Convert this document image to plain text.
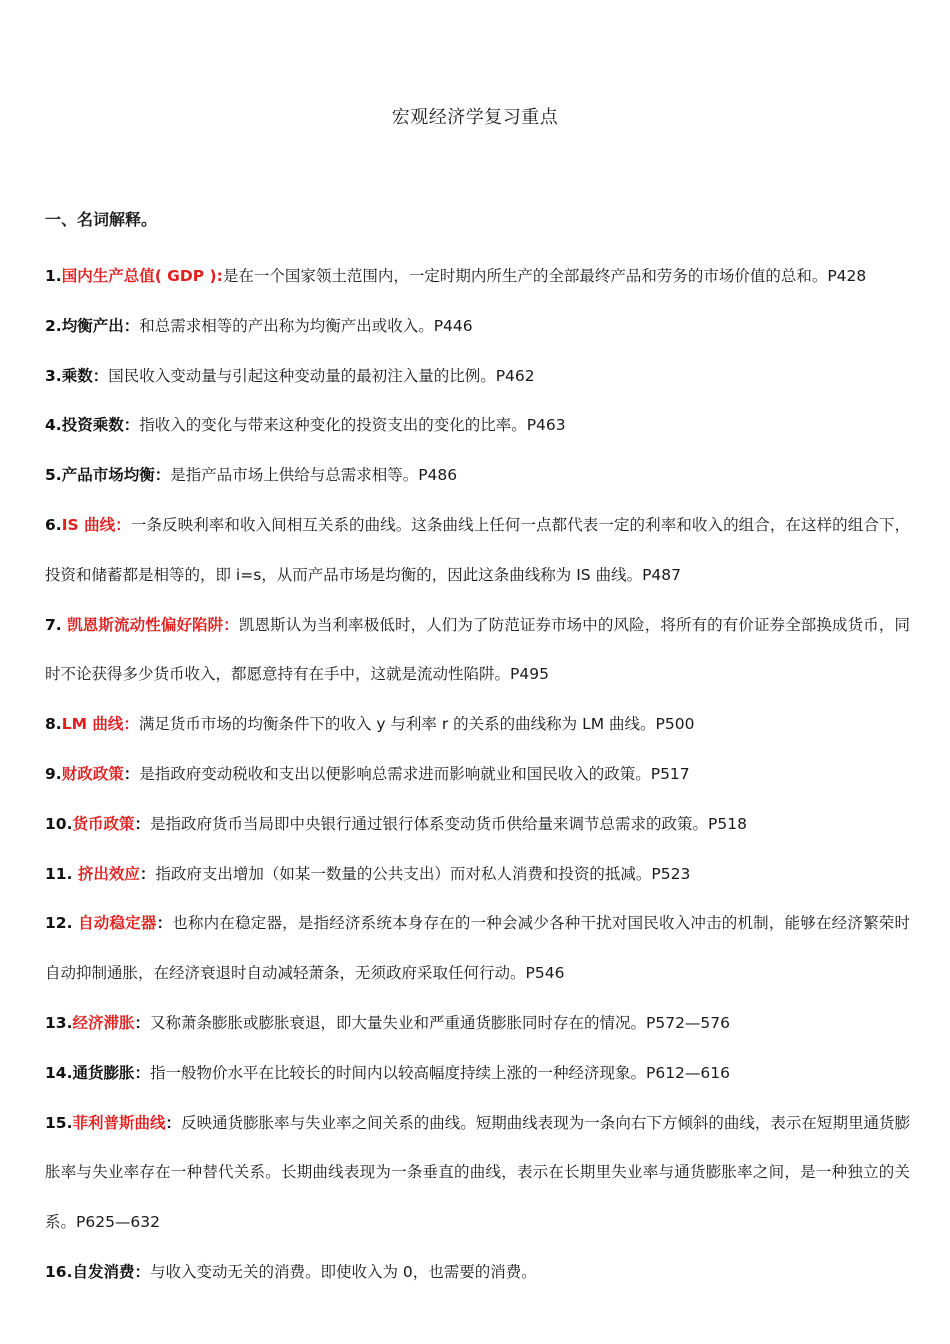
宏观经济学复习重点
一、名词解释。

1.国内生产总值( GDP ):是在一个国家领土范围内，一定时期内所生产的全部最终产品和劳务的市场价值的总和。P428

2.均衡产出：和总需求相等的产出称为均衡产出或收入。P446

3.乘数：国民收入变动量与引起这种变动量的最初注入量的比例。P462

4.投资乘数：指收入的变化与带来这种变化的投资支出的变化的比率。P463

5.产品市场均衡：是指产品市场上供给与总需求相等。P486

6.IS 曲线：一条反映利率和收入间相互关系的曲线。这条曲线上任何一点都代表一定的利率和收入的组合，在这样的组合下，投资和储蓄都是相等的，即 i=s，从而产品市场是均衡的，因此这条曲线称为 IS 曲线。P487

7. 凯恩斯流动性偏好陷阱：凯恩斯认为当利率极低时，人们为了防范证券市场中的风险，将所有的有价证券全部换成货币，同时不论获得多少货币收入，都愿意持有在手中，这就是流动性陷阱。P495

8.LM 曲线：满足货币市场的均衡条件下的收入 y 与利率 r 的关系的曲线称为 LM 曲线。P500

9.财政政策：是指政府变动税收和支出以便影响总需求进而影响就业和国民收入的政策。P517

10.货币政策：是指政府货币当局即中央银行通过银行体系变动货币供给量来调节总需求的政策。P518

11. 挤出效应：指政府支出增加（如某一数量的公共支出）而对私人消费和投资的抵减。P523

12. 自动稳定器：也称内在稳定器，是指经济系统本身存在的一种会减少各种干扰对国民收入冲击的机制，能够在经济繁荣时自动抑制通胀，在经济衰退时自动减轻萧条，无须政府采取任何行动。P546

13.经济滞胀：又称萧条膨胀或膨胀衰退，即大量失业和严重通货膨胀同时存在的情况。P572—576

14.通货膨胀：指一般物价水平在比较长的时间内以较高幅度持续上涨的一种经济现象。P612—616

15.菲利普斯曲线：反映通货膨胀率与失业率之间关系的曲线。短期曲线表现为一条向右下方倾斜的曲线，表示在短期里通货膨胀率与失业率存在一种替代关系。长期曲线表现为一条垂直的曲线，表示在长期里失业率与通货膨胀率之间，是一种独立的关系。P625—632

16.自发消费：与收入变动无关的消费。即使收入为 0，也需要的消费。
